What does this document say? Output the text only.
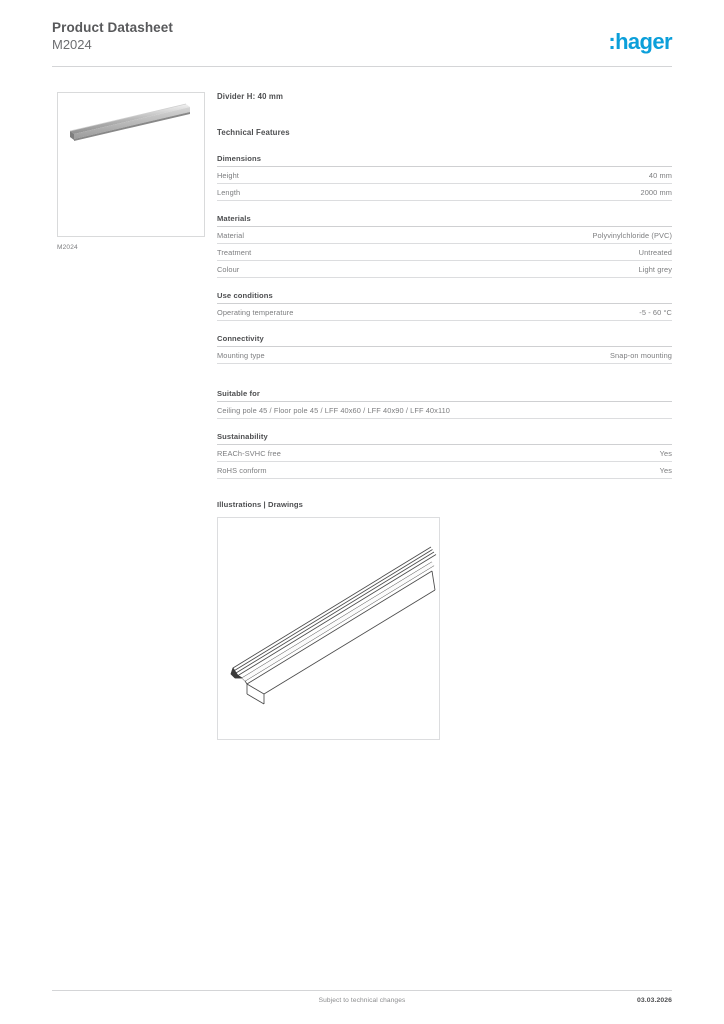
Product Datasheet
M2024	:hager
M2024
Divider H: 40 mm
Technical Features
Dimensions
Height	40 mm
Length	2000 mm
Materials
Material	Polyvinylchloride (PVC)
Treatment	Untreated
Colour	Light grey
Use conditions
Operating temperature	-5 - 60 °C
Connectivity
Mounting type	Snap-on mounting
Suitable for
Ceiling pole 45 / Floor pole 45 / LFF 40x60 / LFF 40x90 / LFF 40x110
Sustainability
REACh-SVHC free	Yes
RoHS conform	Yes
Illustrations | Drawings
Subject to technical changes	03.03.2026
